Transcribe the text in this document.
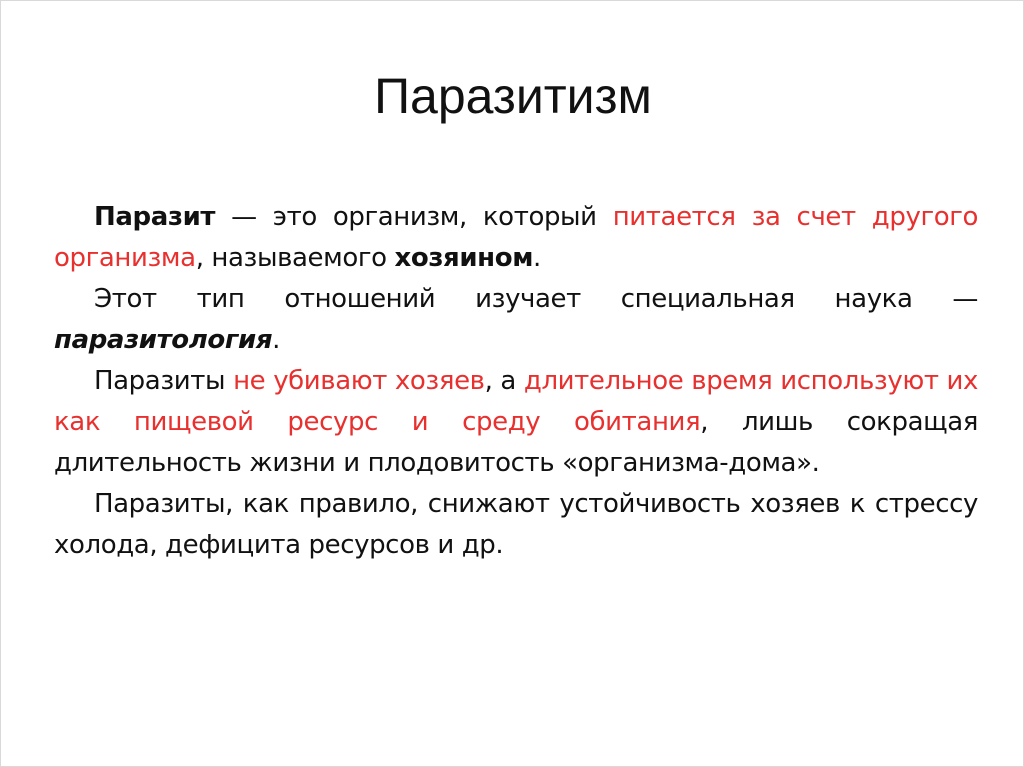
Паразитизм

Паразит — это организм, который питается за счет другого организма, называемого хозяином.

Этот тип отношений изучает специальная наука — паразитология.

Паразиты не убивают хозяев, а длительное время используют их как пищевой ресурс и среду обитания, лишь сокращая длительность жизни и плодовитость «организма-дома».

Паразиты, как правило, снижают устойчивость хозяев к стрессу холода, дефицита ресурсов и др.
